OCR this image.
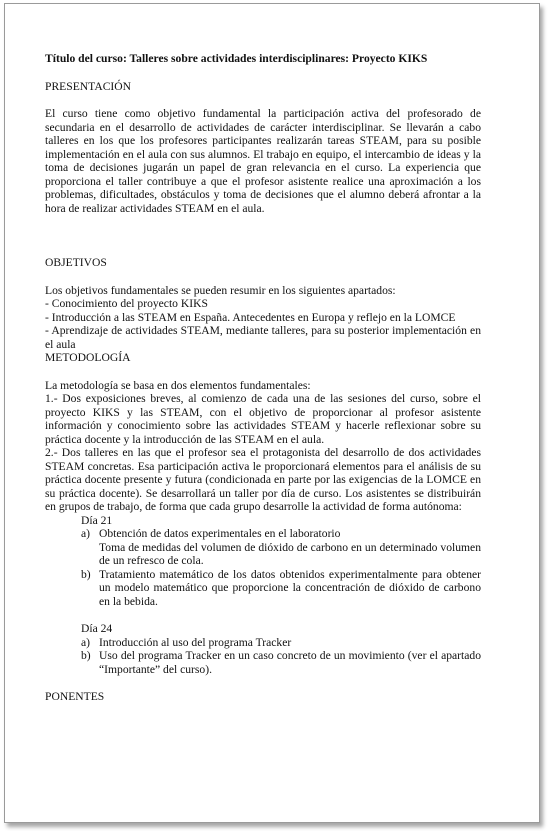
Título del curso: Talleres sobre actividades interdisciplinares: Proyecto KIKS

PRESENTACIÓN

El curso tiene como objetivo fundamental la participación activa del profesorado de secundaria en el desarrollo de actividades de carácter interdisciplinar. Se llevarán a cabo talleres en los que los profesores participantes realizarán tareas STEAM, para su posible implementación en el aula con sus alumnos. El trabajo en equipo, el intercambio de ideas y la toma de decisiones jugarán un papel de gran relevancia en el curso. La experiencia que proporciona el taller contribuye a que el profesor asistente realice una aproximación a los problemas, dificultades, obstáculos y toma de decisiones que el alumno deberá afrontar a la hora de realizar actividades STEAM en el aula.

OBJETIVOS

Los objetivos fundamentales se pueden resumir en los siguientes apartados:

- Conocimiento del proyecto KIKS

- Introducción a las STEAM en España. Antecedentes en Europa y reflejo en la LOMCE

- Aprendizaje de actividades STEAM, mediante talleres, para su posterior implementación en el aula

METODOLOGÍA

La metodología se basa en dos elementos fundamentales:

1.- Dos exposiciones breves, al comienzo de cada una de las sesiones del curso, sobre el proyecto KIKS y las STEAM, con el objetivo de proporcionar al profesor asistente información y conocimiento sobre las actividades STEAM y hacerle reflexionar sobre su práctica docente y la introducción de las STEAM en el aula.

2.- Dos talleres en las que el profesor sea el protagonista del desarrollo de dos actividades STEAM concretas. Esa participación activa le proporcionará elementos para el análisis de su práctica docente presente y futura (condicionada en parte por las exigencias de la LOMCE en su práctica docente). Se desarrollará un taller por día de curso. Los asistentes se distribuirán en grupos de trabajo, de forma que cada grupo desarrolle la actividad de forma autónoma:

Día 21

a) Obtención de datos experimentales en el laboratorio

Toma de medidas del volumen de dióxido de carbono en un determinado volumen de un refresco de cola.

b) Tratamiento matemático de los datos obtenidos experimentalmente para obtener un modelo matemático que proporcione la concentración de dióxido de carbono en la bebida.

Día 24

a) Introducción al uso del programa Tracker
b) Uso del programa Tracker en un caso concreto de un movimiento (ver el apartado “Importante” del curso).

PONENTES
